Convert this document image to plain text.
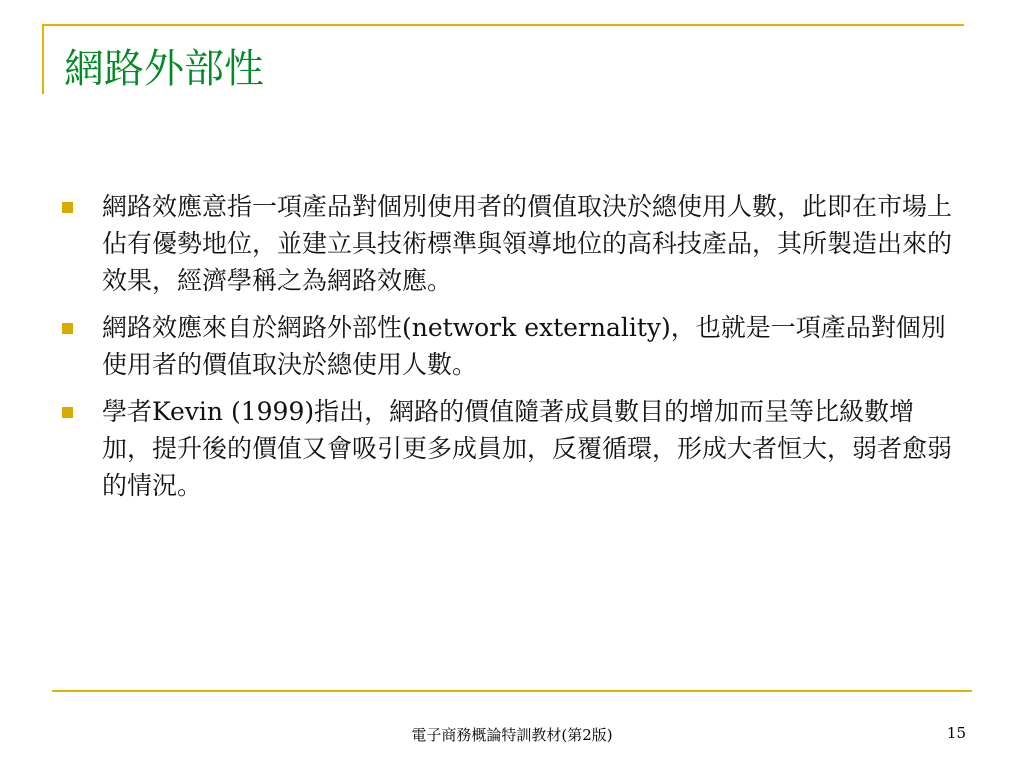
網路外部性
網路效應意指一項產品對個別使用者的價值取決於總使用人數，此即在市場上佔有優勢地位，並建立具技術標準與領導地位的高科技產品，其所製造出來的效果，經濟學稱之為網路效應。
網路效應來自於網路外部性(network externality)，也就是一項產品對個別使用者的價值取決於總使用人數。
學者Kevin (1999)指出，網路的價值隨著成員數目的增加而呈等比級數增加，提升後的價值又會吸引更多成員加，反覆循環，形成大者恒大，弱者愈弱的情況。
電子商務概論特訓教材(第2版)	15
